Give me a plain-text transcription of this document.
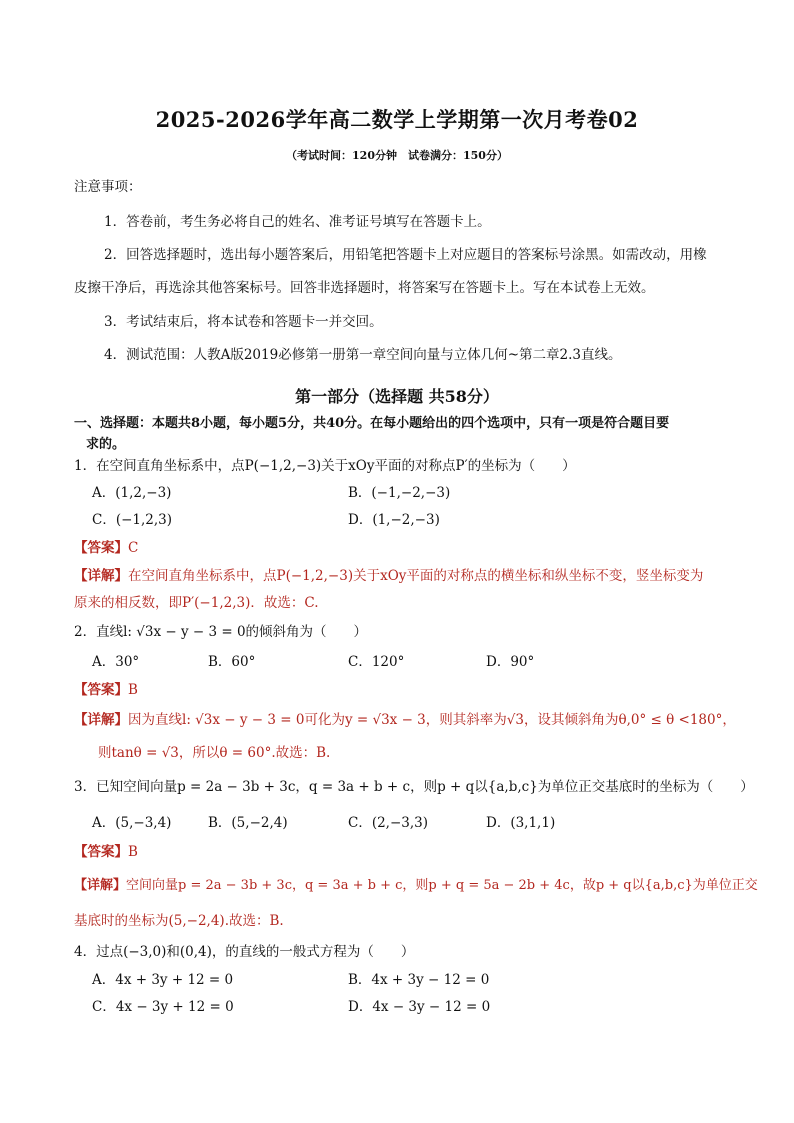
2025-2026学年高二数学上学期第一次月考卷02
（考试时间：120分钟　试卷满分：150分）
注意事项：
1．答卷前，考生务必将自己的姓名、准考证号填写在答题卡上。
2．回答选择题时，选出每小题答案后，用铅笔把答题卡上对应题目的答案标号涂黑。如需改动，用橡
皮擦干净后，再选涂其他答案标号。回答非选择题时，将答案写在答题卡上。写在本试卷上无效。
3．考试结束后，将本试卷和答题卡一并交回。
4．测试范围：人教A版2019必修第一册第一章空间向量与立体几何~第二章2.3直线。
第一部分（选择题 共58分）
一、选择题：本题共8小题，每小题5分，共40分。在每小题给出的四个选项中，只有一项是符合题目要
求的。
1．在空间直角坐标系中，点P(−1,2,−3)关于xOy平面的对称点P′的坐标为（　　）
A．(1,2,−3)	B．(−1,−2,−3)
C．(−1,2,3)	D．(1,−2,−3)
【答案】C
【详解】在空间直角坐标系中，点P(−1,2,−3)关于xOy平面的对称点的横坐标和纵坐标不变，竖坐标变为
原来的相反数，即P′(−1,2,3)．故选：C.
2．直线l: √3x − y − 3 = 0的倾斜角为（　　）
A．30°	B．60°	C．120°	D．90°
【答案】B
【详解】因为直线l: √3x − y − 3 = 0可化为y = √3x − 3，则其斜率为√3，设其倾斜角为θ,0° ≤ θ <180°，
则tanθ = √3，所以θ = 60°.故选：B.
3．已知空间向量p = 2a − 3b + 3c，q = 3a + b + c，则p + q以{a,b,c}为单位正交基底时的坐标为（　　）
A．(5,−3,4)	B．(5,−2,4)	C．(2,−3,3)	D．(3,1,1)
【答案】B
【详解】空间向量p = 2a − 3b + 3c，q = 3a + b + c，则p + q = 5a − 2b + 4c，故p + q以{a,b,c}为单位正交
基底时的坐标为(5,−2,4).故选：B.
4．过点(−3,0)和(0,4)，的直线的一般式方程为（　　）
A．4x + 3y + 12 = 0	B．4x + 3y − 12 = 0
C．4x − 3y + 12 = 0	D．4x − 3y − 12 = 0
